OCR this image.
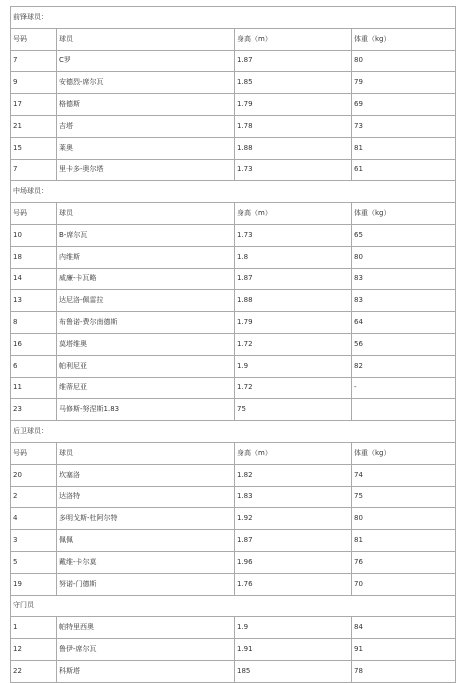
前锋球员：			
号码	球员	身高（m）	体重（kg）
7	C罗	1.87	80
9	安德烈-席尔瓦	1.85	79
17	格德斯	1.79	69
21	吉塔	1.78	73
15	莱奥	1.88	81
7	里卡多-奥尔塔	1.73	61
中场球员：			
号码	球员	身高（m）	体重（kg）
10	B-席尔瓦	1.73	65
18	内维斯	1.8	80
14	威廉-卡瓦略	1.87	83
13	达尼洛-佩雷拉	1.88	83
8	布鲁诺-费尔南德斯	1.79	64
16	莫塔维奥	1.72	56
6	帕利尼亚	1.9	82
11	维蒂尼亚	1.72	-
23	马修斯-努涅斯1.83	75	
后卫球员：			
号码	球员	身高（m）	体重（kg）
20	坎塞洛	1.82	74
2	达洛特	1.83	75
4	多明戈斯-杜阿尔特	1.92	80
3	佩佩	1.87	81
5	戴维-卡尔莫	1.96	76
19	努诺-门德斯	1.76	70
守门员			
1	帕特里西奥	1.9	84
12	鲁伊-席尔瓦	1.91	91
22	科斯塔	185	78
